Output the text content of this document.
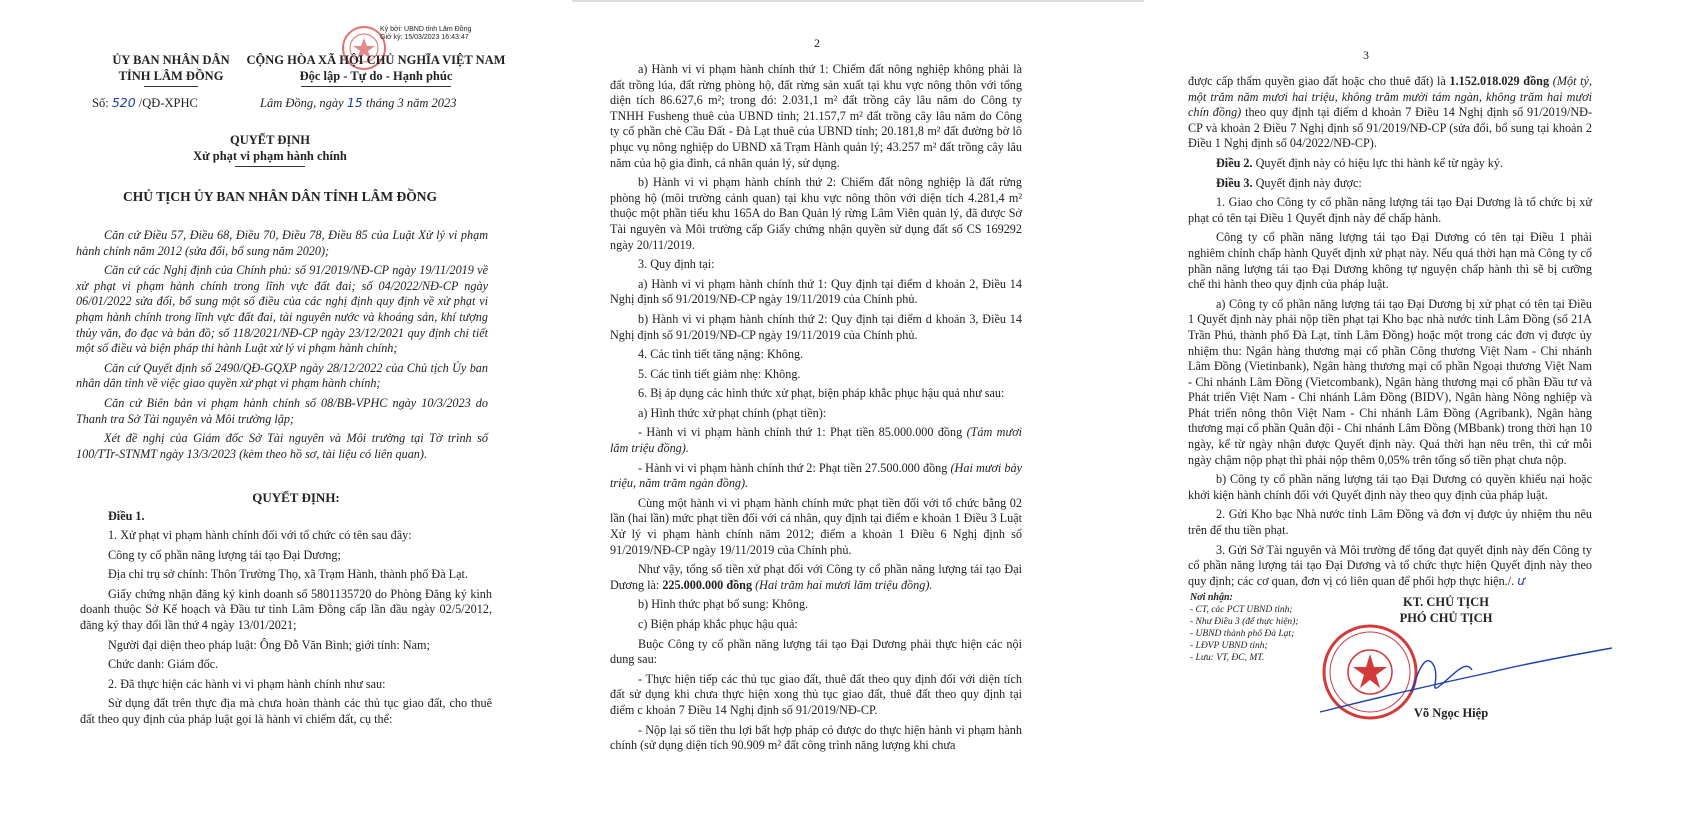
Ký bởi: UBND tỉnh Lâm Đồng
Giờ ký: 15/03/2023 16:43:47
ỦY BAN NHÂN DÂN
TỈNH LÂM ĐỒNG
CỘNG HÒA XÃ HỘI CHỦ NGHĨA VIỆT NAM
Độc lập - Tự do - Hạnh phúc
Số: 520 /QĐ-XPHC	Lâm Đồng, ngày 15 tháng 3 năm 2023
QUYẾT ĐỊNH
Xử phạt vi phạm hành chính
CHỦ TỊCH ỦY BAN NHÂN DÂN TỈNH LÂM ĐỒNG

Căn cứ Điều 57, Điều 68, Điều 70, Điều 78, Điều 85 của Luật Xử lý vi phạm hành chính năm 2012 (sửa đổi, bổ sung năm 2020);

Căn cứ các Nghị định của Chính phủ: số 91/2019/NĐ-CP ngày 19/11/2019 về xử phạt vi phạm hành chính trong lĩnh vực đất đai; số 04/2022/NĐ-CP ngày 06/01/2022 sửa đổi, bổ sung một số điều của các nghị định quy định về xử phạt vi phạm hành chính trong lĩnh vực đất đai, tài nguyên nước và khoáng sản, khí tượng thủy văn, đo đạc và bản đồ; số 118/2021/NĐ-CP ngày 23/12/2021 quy định chi tiết một số điều và biện pháp thi hành Luật xử lý vi phạm hành chính;

Căn cứ Quyết định số 2490/QĐ-GQXP ngày 28/12/2022 của Chủ tịch Ủy ban nhân dân tỉnh về việc giao quyền xử phạt vi phạm hành chính;

Căn cứ Biên bản vi phạm hành chính số 08/BB-VPHC ngày 10/3/2023 do Thanh tra Sở Tài nguyên và Môi trường lập;

Xét đề nghị của Giám đốc Sở Tài nguyên và Môi trường tại Tờ trình số 100/TTr-STNMT ngày 13/3/2023 (kèm theo hồ sơ, tài liệu có liên quan).

QUYẾT ĐỊNH:

Điều 1.

1. Xử phạt vi phạm hành chính đối với tổ chức có tên sau đây:

Công ty cổ phần năng lượng tái tạo Đại Dương;

Địa chỉ trụ sở chính: Thôn Trường Thọ, xã Trạm Hành, thành phố Đà Lạt.

Giấy chứng nhận đăng ký kinh doanh số 5801135720 do Phòng Đăng ký kinh doanh thuộc Sở Kế hoạch và Đầu tư tỉnh Lâm Đồng cấp lần đầu ngày 02/5/2012, đăng ký thay đổi lần thứ 4 ngày 13/01/2021;

Người đại diện theo pháp luật: Ông Đỗ Văn Bình; giới tính: Nam;

Chức danh: Giám đốc.

2. Đã thực hiện các hành vi vi phạm hành chính như sau:

Sử dụng đất trên thực địa mà chưa hoàn thành các thủ tục giao đất, cho thuê đất theo quy định của pháp luật gọi là hành vi chiếm đất, cụ thể:

2

a) Hành vi vi phạm hành chính thứ 1: Chiếm đất nông nghiệp không phải là đất trồng lúa, đất rừng phòng hộ, đất rừng sản xuất tại khu vực nông thôn với tổng diện tích 86.627,6 m²; trong đó: 2.031,1 m² đất trồng cây lâu năm do Công ty TNHH Fusheng thuê của UBND tỉnh; 21.157,7 m² đất trồng cây lâu năm do Công ty cổ phần chè Cầu Đất - Đà Lạt thuê của UBND tỉnh; 20.181,8 m² đất đường bờ lô phục vụ nông nghiệp do UBND xã Trạm Hành quản lý; 43.257 m² đất trồng cây lâu năm của hộ gia đình, cá nhân quản lý, sử dụng.

b) Hành vi vi phạm hành chính thứ 2: Chiếm đất nông nghiệp là đất rừng phòng hộ (môi trường cảnh quan) tại khu vực nông thôn với diện tích 4.281,4 m² thuộc một phần tiểu khu 165A do Ban Quản lý rừng Lâm Viên quản lý, đã được Sở Tài nguyên và Môi trường cấp Giấy chứng nhận quyền sử dụng đất số CS 169292 ngày 20/11/2019.

3. Quy định tại:

a) Hành vi vi phạm hành chính thứ 1: Quy định tại điểm d khoản 2, Điều 14 Nghị định số 91/2019/NĐ-CP ngày 19/11/2019 của Chính phủ.

b) Hành vi vi phạm hành chính thứ 2: Quy định tại điểm d khoản 3, Điều 14 Nghị định số 91/2019/NĐ-CP ngày 19/11/2019 của Chính phủ.

4. Các tình tiết tăng nặng: Không.

5. Các tình tiết giảm nhẹ: Không.

6. Bị áp dụng các hình thức xử phạt, biện pháp khắc phục hậu quả như sau:

a) Hình thức xử phạt chính (phạt tiền):

- Hành vi vi phạm hành chính thứ 1: Phạt tiền 85.000.000 đồng (Tám mươi lăm triệu đồng).

- Hành vi vi phạm hành chính thứ 2: Phạt tiền 27.500.000 đồng (Hai mươi bảy triệu, năm trăm ngàn đồng).

Cùng một hành vi vi phạm hành chính mức phạt tiền đối với tổ chức bằng 02 lần (hai lần) mức phạt tiền đối với cá nhân, quy định tại điểm e khoản 1 Điều 3 Luật Xử lý vi phạm hành chính năm 2012; điểm a khoản 1 Điều 6 Nghị định số 91/2019/NĐ-CP ngày 19/11/2019 của Chính phủ.

Như vậy, tổng số tiền xử phạt đối với Công ty cổ phần năng lượng tái tạo Đại Dương là: 225.000.000 đồng (Hai trăm hai mươi lăm triệu đồng).

b) Hình thức phạt bổ sung: Không.

c) Biện pháp khắc phục hậu quả:

Buộc Công ty cổ phần năng lượng tái tạo Đại Dương phải thực hiện các nội dung sau:

- Thực hiện tiếp các thủ tục giao đất, thuê đất theo quy định đối với diện tích đất sử dụng khi chưa thực hiện xong thủ tục giao đất, thuê đất theo quy định tại điểm c khoản 7 Điều 14 Nghị định số 91/2019/NĐ-CP.

- Nộp lại số tiền thu lợi bất hợp pháp có được do thực hiện hành vi phạm hành chính (sử dụng diện tích 90.909 m² đất công trình năng lượng khi chưa

3

được cấp thẩm quyền giao đất hoặc cho thuê đất) là 1.152.018.029 đồng (Một tỷ, một trăm năm mươi hai triệu, không trăm mười tám ngàn, không trăm hai mươi chín đồng) theo quy định tại điểm d khoản 7 Điều 14 Nghị định số 91/2019/NĐ-CP và khoản 2 Điều 7 Nghị định số 91/2019/NĐ-CP (sửa đổi, bổ sung tại khoản 2 Điều 1 Nghị định số 04/2022/NĐ-CP).

Điều 2. Quyết định này có hiệu lực thi hành kể từ ngày ký.

Điều 3. Quyết định này được:

1. Giao cho Công ty cổ phần năng lượng tái tạo Đại Dương là tổ chức bị xử phạt có tên tại Điều 1 Quyết định này để chấp hành.

Công ty cổ phần năng lượng tái tạo Đại Dương có tên tại Điều 1 phải nghiêm chỉnh chấp hành Quyết định xử phạt này. Nếu quá thời hạn mà Công ty cổ phần năng lượng tái tạo Đại Dương không tự nguyện chấp hành thì sẽ bị cưỡng chế thi hành theo quy định của pháp luật.

a) Công ty cổ phần năng lượng tái tạo Đại Dương bị xử phạt có tên tại Điều 1 Quyết định này phải nộp tiền phạt tại Kho bạc nhà nước tỉnh Lâm Đồng (số 21A Trần Phú, thành phố Đà Lạt, tỉnh Lâm Đồng) hoặc một trong các đơn vị được ủy nhiệm thu: Ngân hàng thương mại cổ phần Công thương Việt Nam - Chi nhánh Lâm Đồng (Vietinbank), Ngân hàng thương mại cổ phần Ngoại thương Việt Nam - Chi nhánh Lâm Đồng (Vietcombank), Ngân hàng thương mại cổ phần Đầu tư và Phát triển Việt Nam - Chi nhánh Lâm Đồng (BIDV), Ngân hàng Nông nghiệp và Phát triển nông thôn Việt Nam - Chi nhánh Lâm Đồng (Agribank), Ngân hàng thương mại cổ phần Quân đội - Chi nhánh Lâm Đồng (MBbank) trong thời hạn 10 ngày, kể từ ngày nhận được Quyết định này. Quá thời hạn nêu trên, thì cứ mỗi ngày chậm nộp phạt thì phải nộp thêm 0,05% trên tổng số tiền phạt chưa nộp.

b) Công ty cổ phần năng lượng tái tạo Đại Dương có quyền khiếu nại hoặc khởi kiện hành chính đối với Quyết định này theo quy định của pháp luật.

2. Gửi Kho bạc Nhà nước tỉnh Lâm Đồng và đơn vị được ủy nhiệm thu nêu trên để thu tiền phạt.

3. Gửi Sở Tài nguyên và Môi trường để tống đạt quyết định này đến Công ty cổ phần năng lượng tái tạo Đại Dương và tổ chức thực hiện Quyết định này theo quy định; các cơ quan, đơn vị có liên quan để phối hợp thực hiện./. ư

Nơi nhận:

- CT, các PCT UBND tỉnh;

- Như Điều 3 (để thực hiện);

- UBND thành phố Đà Lạt;

- LĐVP UBND tỉnh;

- Lưu: VT, ĐC, MT.

KT. CHỦ TỊCH
PHÓ CHỦ TỊCH
Võ Ngọc Hiệp
